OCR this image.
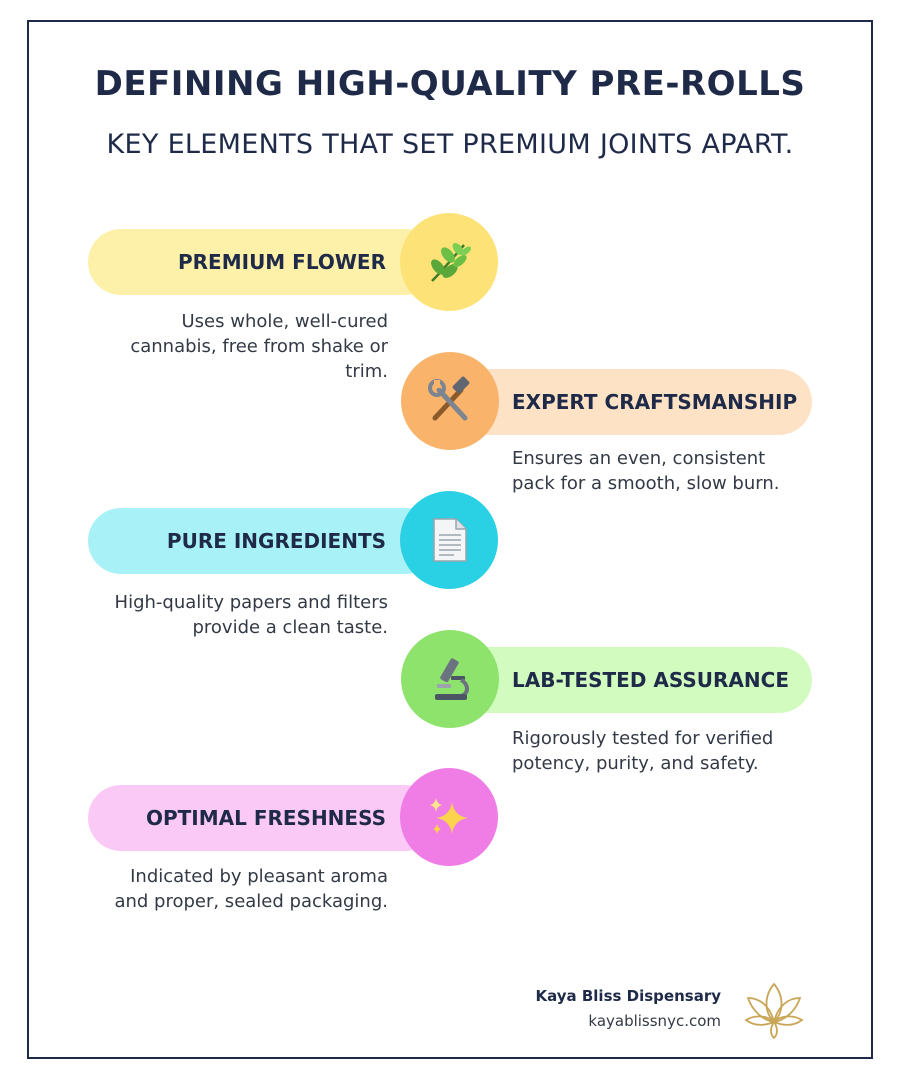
DEFINING HIGH-QUALITY PRE-ROLLS
KEY ELEMENTS THAT SET PREMIUM JOINTS APART.
PREMIUM FLOWER
Uses whole, well-cured cannabis, free from shake or trim.
EXPERT CRAFTSMANSHIP
Ensures an even, consistent pack for a smooth, slow burn.
PURE INGREDIENTS
High-quality papers and filters provide a clean taste.
LAB-TESTED ASSURANCE
Rigorously tested for verified potency, purity, and safety.
OPTIMAL FRESHNESS
Indicated by pleasant aroma and proper, sealed packaging.
Kaya Bliss Dispensary
kayablissnyc.com
